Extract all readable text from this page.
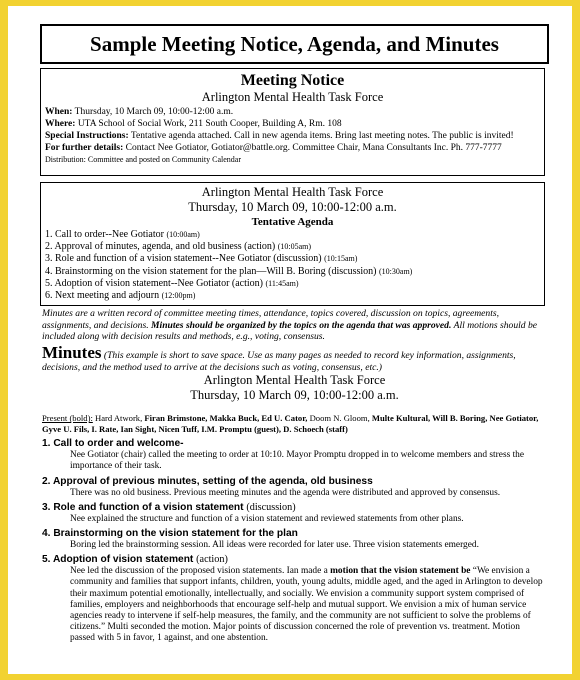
Sample Meeting Notice, Agenda, and Minutes
Meeting Notice
Arlington Mental Health Task Force
When: Thursday, 10 March 09, 10:00-12:00 a.m.
Where: UTA School of Social Work, 211 South Cooper, Building A, Rm. 108
Special Instructions: Tentative agenda attached. Call in new agenda items. Bring last meeting notes. The public is invited!
For further details: Contact Nee Gotiator, Gotiator@battle.org. Committee Chair, Mana Consultants Inc. Ph. 777-7777
Distribution: Committee and posted on Community Calendar
Arlington Mental Health Task Force
Thursday, 10 March 09, 10:00-12:00 a.m.
Tentative Agenda
1. Call to order--Nee Gotiator (10:00am)
2. Approval of minutes, agenda, and old business (action) (10:05am)
3. Role and function of a vision statement--Nee Gotiator (discussion) (10:15am)
4. Brainstorming on the vision statement for the plan—Will B. Boring (discussion) (10:30am)
5. Adoption of vision statement--Nee Gotiator (action) (11:45am)
6. Next meeting and adjourn (12:00pm)
Minutes are a written record of committee meeting times, attendance, topics covered, discussion on topics, agreements, assignments, and decisions. Minutes should be organized by the topics on the agenda that was approved. All motions should be included along with decision results and methods, e.g., voting, consensus.
Minutes (This example is short to save space. Use as many pages as needed to record key information, assignments, decisions, and the method used to arrive at the decisions such as voting, consensus, etc.)
Arlington Mental Health Task Force
Thursday, 10 March 09, 10:00-12:00 a.m.
Present (bold): Hard Atwork, Firan Brimstone, Makka Buck, Ed U. Cator, Doom N. Gloom, Multe Kultural, Will B. Boring, Nee Gotiator, Gyve U. Fils, I. Rate, Ian Sight, Nicen Tuff, I.M. Promptu (guest), D. Schoech (staff)
1. Call to order and welcome-
Nee Gotiator (chair) called the meeting to order at 10:10. Mayor Promptu dropped in to welcome members and stress the importance of their task.
2. Approval of previous minutes, setting of the agenda, old business
There was no old business. Previous meeting minutes and the agenda were distributed and approved by consensus.
3. Role and function of a vision statement (discussion)
Nee explained the structure and function of a vision statement and reviewed statements from other plans.
4. Brainstorming on the vision statement for the plan
Boring led the brainstorming session. All ideas were recorded for later use. Three vision statements emerged.
5. Adoption of vision statement (action)
Nee led the discussion of the proposed vision statements. Ian made a motion that the vision statement be “We envision a community and families that support infants, children, youth, young adults, middle aged, and the aged in Arlington to develop their maximum potential emotionally, intellectually, and socially. We envision a community support system comprised of families, employers and neighborhoods that encourage self-help and mutual support. We envision a mix of human service agencies ready to intervene if self-help measures, the family, and the community are not sufficient to solve the problems of citizens.” Multi seconded the motion. Major points of discussion concerned the role of prevention vs. treatment. Motion passed with 5 in favor, 1 against, and one abstention.
